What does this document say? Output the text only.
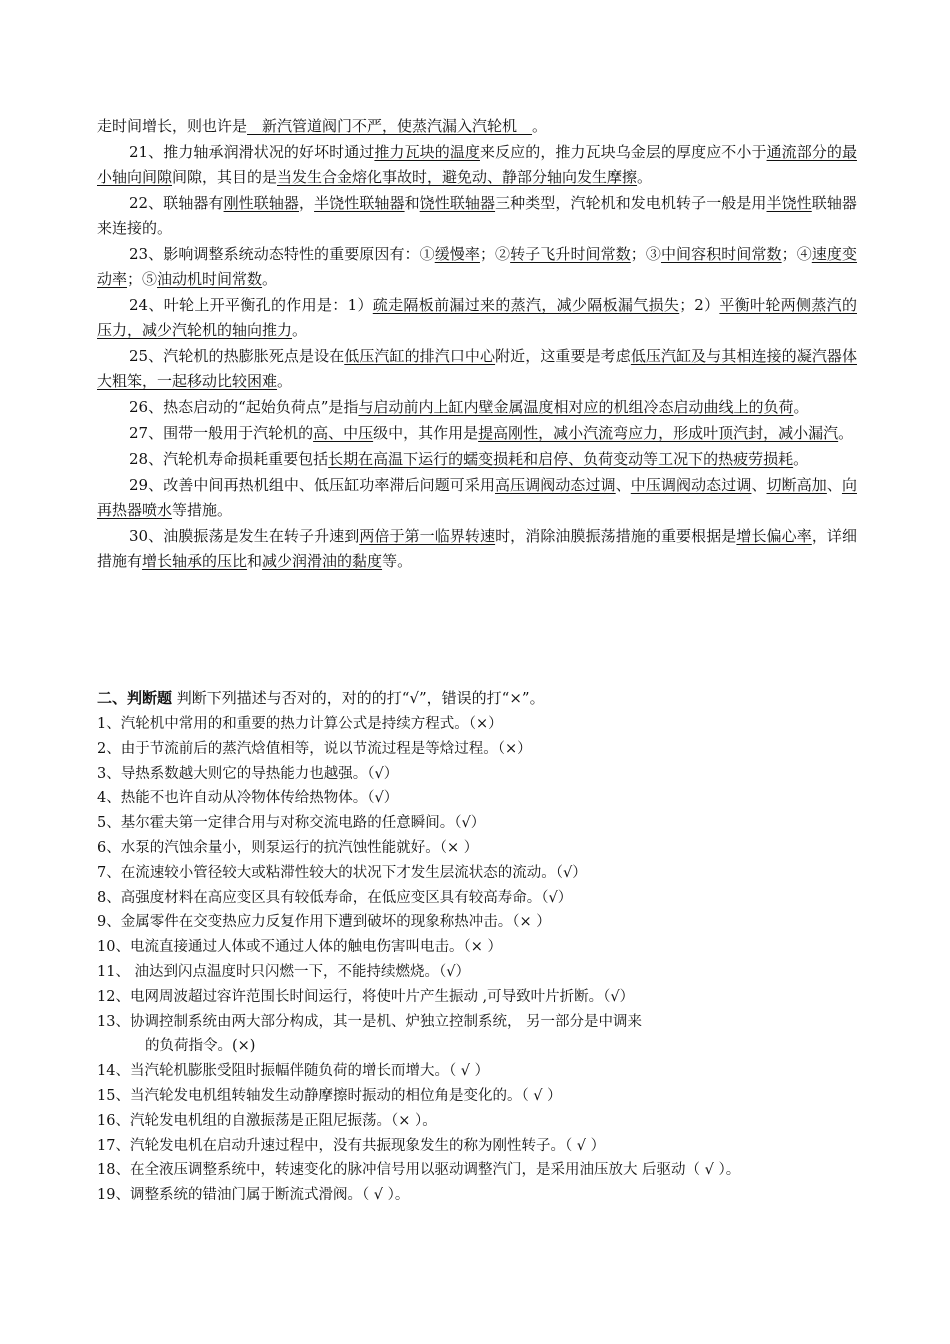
走时间增长，则也许是__新汽管道阀门不严，使蒸汽漏入汽轮机__。

21、推力轴承润滑状况的好坏时通过推力瓦块的温度来反应的，推力瓦块乌金层的厚度应不小于通流部分的最小轴向间隙间隙，其目的是当发生合金熔化事故时，避免动、静部分轴向发生摩擦。

22、联轴器有刚性联轴器，半饶性联轴器和饶性联轴器三种类型，汽轮机和发电机转子一般是用半饶性联轴器来连接的。

23、影响调整系统动态特性的重要原因有：①缓慢率；②转子飞升时间常数；③中间容积时间常数；④速度变动率；⑤油动机时间常数。

24、叶轮上开平衡孔的作用是：1）疏走隔板前漏过来的蒸汽，减少隔板漏气损失；2）平衡叶轮两侧蒸汽的压力，减少汽轮机的轴向推力。

25、汽轮机的热膨胀死点是设在低压汽缸的排汽口中心附近，这重要是考虑低压汽缸及与其相连接的凝汽器体大粗笨，一起移动比较困难。

26、热态启动的“起始负荷点”是指与启动前内上缸内壁金属温度相对应的机组冷态启动曲线上的负荷。

27、围带一般用于汽轮机的高、中压级中，其作用是提高刚性，减小汽流弯应力，形成叶顶汽封，减小漏汽。

28、汽轮机寿命损耗重要包括长期在高温下运行的蠕变损耗和启停、负荷变动等工况下的热疲劳损耗。

29、改善中间再热机组中、低压缸功率滞后问题可采用高压调阀动态过调、中压调阀动态过调、切断高加、向再热器喷水等措施。

30、油膜振荡是发生在转子升速到两倍于第一临界转速时，消除油膜振荡措施的重要根据是增长偏心率，详细措施有增长轴承的压比和减少润滑油的黏度等。

二、判断题 判断下列描述与否对的，对的的打“√”，错误的打“×”。

1、汽轮机中常用的和重要的热力计算公式是持续方程式。（×）

2、由于节流前后的蒸汽焓值相等，说以节流过程是等焓过程。（×）

3、导热系数越大则它的导热能力也越强。（√）

4、热能不也许自动从冷物体传给热物体。（√）

5、基尔霍夫第一定律合用与对称交流电路的任意瞬间。（√）

6、水泵的汽蚀余量小，则泵运行的抗汽蚀性能就好。（× ）

7、在流速较小管径较大或粘滞性较大的状况下才发生层流状态的流动。（√）

8、高强度材料在高应变区具有较低寿命，在低应变区具有较高寿命。（√）

9、金属零件在交变热应力反复作用下遭到破坏的现象称热冲击。（× ）

10、电流直接通过人体或不通过人体的触电伤害叫电击。（× ）

11、 油达到闪点温度时只闪燃一下，不能持续燃烧。（√）

12、电网周波超过容许范围长时间运行，将使叶片产生振动 ,可导致叶片折断。（√）

13、协调控制系统由两大部分构成，其一是机、炉独立控制系统， 另一部分是中调来

的负荷指令。(×)

14、当汽轮机膨胀受阻时振幅伴随负荷的增长而增大。（ √ ）

15、当汽轮发电机组转轴发生动静摩擦时振动的相位角是变化的。（ √ ）

16、汽轮发电机组的自激振荡是正阻尼振荡。（× ）。

17、汽轮发电机在启动升速过程中，没有共振现象发生的称为刚性转子。（ √ ）

18、在全液压调整系统中，转速变化的脉冲信号用以驱动调整汽门，是采用油压放大 后驱动（ √ ）。

19、调整系统的错油门属于断流式滑阀。（ √ ）。
